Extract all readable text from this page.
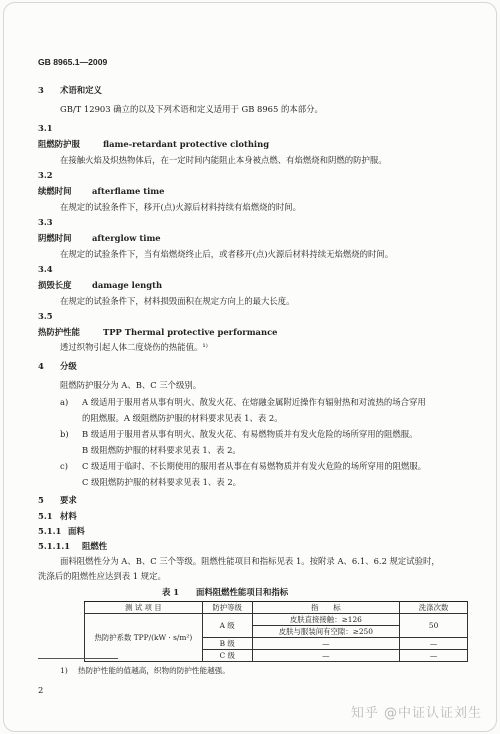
GB 8965.1—2009
3 术语和定义
GB/T 12903 确立的以及下列术语和定义适用于 GB 8965 的本部分。
3.1
阻燃防护服	flame-retardant protective clothing
在接触火焰及炽热物体后，在一定时间内能阻止本身被点燃、有焰燃烧和阴燃的防护服。
3.2
续燃时间 afterflame time
在规定的试验条件下，移开(点)火源后材料持续有焰燃烧的时间。
3.3
阴燃时间 afterglow time
在规定的试验条件下，当有焰燃烧终止后，或者移开(点)火源后材料持续无焰燃烧的时间。
3.4
损毁长度 damage length
在规定的试验条件下，材料损毁面积在规定方向上的最大长度。
3.5
热防护性能	TPP Thermal protective performance
透过织物引起人体二度烧伤的热能值。¹⁾
4 分级
阻燃防护服分为 A、B、C 三个级别。
a) A 级适用于服用者从事有明火、散发火花、在熔融金属附近操作有辐射热和对流热的场合穿用
的阻燃服。A 级阻燃防护服的材料要求见表 1、表 2。
b) B 级适用于服用者从事有明火、散发火花、有易燃物质并有发火危险的场所穿用的阻燃服。
B 级阻燃防护服的材料要求见表 1、表 2。
c) C 级适用于临时、不长期使用的服用者从事在有易燃物质并有发火危险的场所穿用的阻燃服。
C 级阻燃防护服的材料要求见表 1、表 2。
5 要求
5.1 材料
5.1.1 面料
5.1.1.1 阻燃性
面料阻燃性分为 A、B、C 三个等级。阻燃性能项目和指标见表 1。按附录 A、6.1、6.2 规定试验时，
洗涤后的阻燃性应达到表 1 规定。
表 1 面料阻燃性能项目和指标
测 试 项 目	防护等级	指　　标	洗涤次数
热防护系数 TPP/(kW · s/m²)	A 级	皮肤直接接触：≥126	50
		皮肤与服装间有空隙：≥250	
	B 级	—	—
	C 级	—	—
1) 热防护性能的值越高，织物的防护性能越强。
2
知乎 @中证认证刘生
